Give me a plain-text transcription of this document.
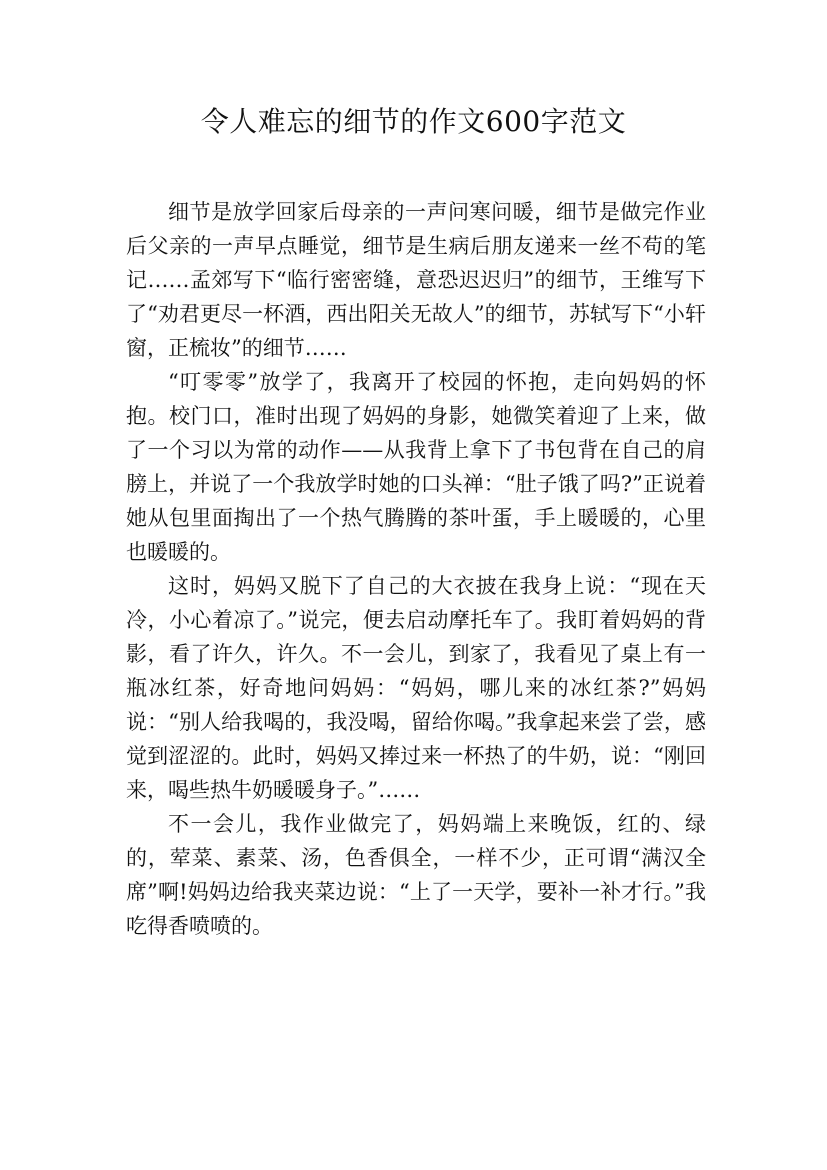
令人难忘的细节的作文600字范文

细节是放学回家后母亲的一声问寒问暖，细节是做完作业后父亲的一声早点睡觉，细节是生病后朋友递来一丝不苟的笔记……孟郊写下“临行密密缝，意恐迟迟归”的细节，王维写下了“劝君更尽一杯酒，西出阳关无故人”的细节，苏轼写下“小轩窗，正梳妆”的细节……

“叮零零”放学了，我离开了校园的怀抱，走向妈妈的怀抱。校门口，准时出现了妈妈的身影，她微笑着迎了上来，做了一个习以为常的动作——从我背上拿下了书包背在自己的肩膀上，并说了一个我放学时她的口头禅：“肚子饿了吗?”正说着她从包里面掏出了一个热气腾腾的茶叶蛋，手上暖暖的，心里也暖暖的。

这时，妈妈又脱下了自己的大衣披在我身上说：“现在天冷，小心着凉了。”说完，便去启动摩托车了。我盯着妈妈的背影，看了许久，许久。不一会儿，到家了，我看见了桌上有一瓶冰红茶，好奇地问妈妈：“妈妈，哪儿来的冰红茶?”妈妈说：“别人给我喝的，我没喝，留给你喝。”我拿起来尝了尝，感觉到涩涩的。此时，妈妈又捧过来一杯热了的牛奶，说：“刚回来，喝些热牛奶暖暖身子。”……

不一会儿，我作业做完了，妈妈端上来晚饭，红的、绿的，荤菜、素菜、汤，色香俱全，一样不少，正可谓“满汉全席”啊!妈妈边给我夹菜边说：“上了一天学，要补一补才行。”我吃得香喷喷的。
